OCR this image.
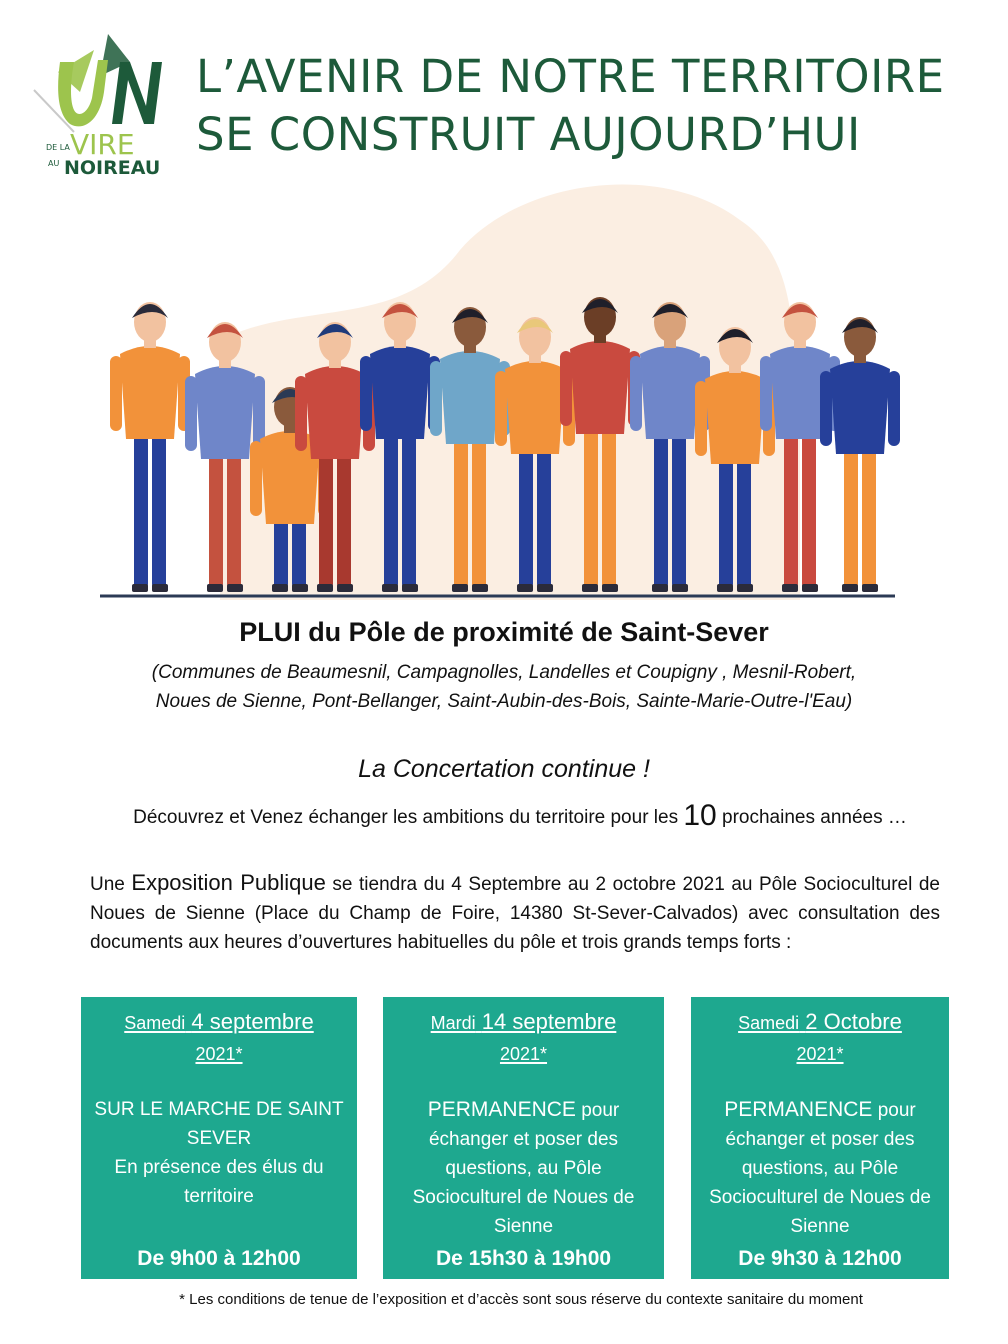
VIRE
DE LA
AU NOIREAU
L’AVENIR DE NOTRE TERRITOIRE
SE CONSTRUIT AUJOURD’HUI
PLUI du Pôle de proximité de Saint-Sever
(Communes de Beaumesnil, Campagnolles, Landelles et Coupigny , Mesnil-Robert,
Noues de Sienne, Pont-Bellanger, Saint-Aubin-des-Bois, Sainte-Marie-Outre-l'Eau)
La Concertation continue !
Découvrez et Venez échanger les ambitions du territoire pour les 10 prochaines années …
Une Exposition Publique se tiendra du 4 Septembre au 2 octobre 2021 au Pôle Socioculturel de Noues de Sienne (Place du Champ de Foire, 14380 St-Sever-Calvados) avec consultation des documents aux heures d’ouvertures habituelles du pôle et trois grands temps forts :
Samedi 4 septembre
2021*
SUR LE MARCHE DE SAINT SEVER
En présence des élus du territoire
De 9h00 à 12h00
Mardi 14 septembre
2021*
PERMANENCE pour échanger et poser des questions, au Pôle Socioculturel de Noues de Sienne
De 15h30 à 19h00
Samedi 2 Octobre
2021*
PERMANENCE pour échanger et poser des questions, au Pôle Socioculturel de Noues de Sienne
De 9h30 à 12h00
* Les conditions de tenue de l’exposition et d’accès sont sous réserve du contexte sanitaire du moment
